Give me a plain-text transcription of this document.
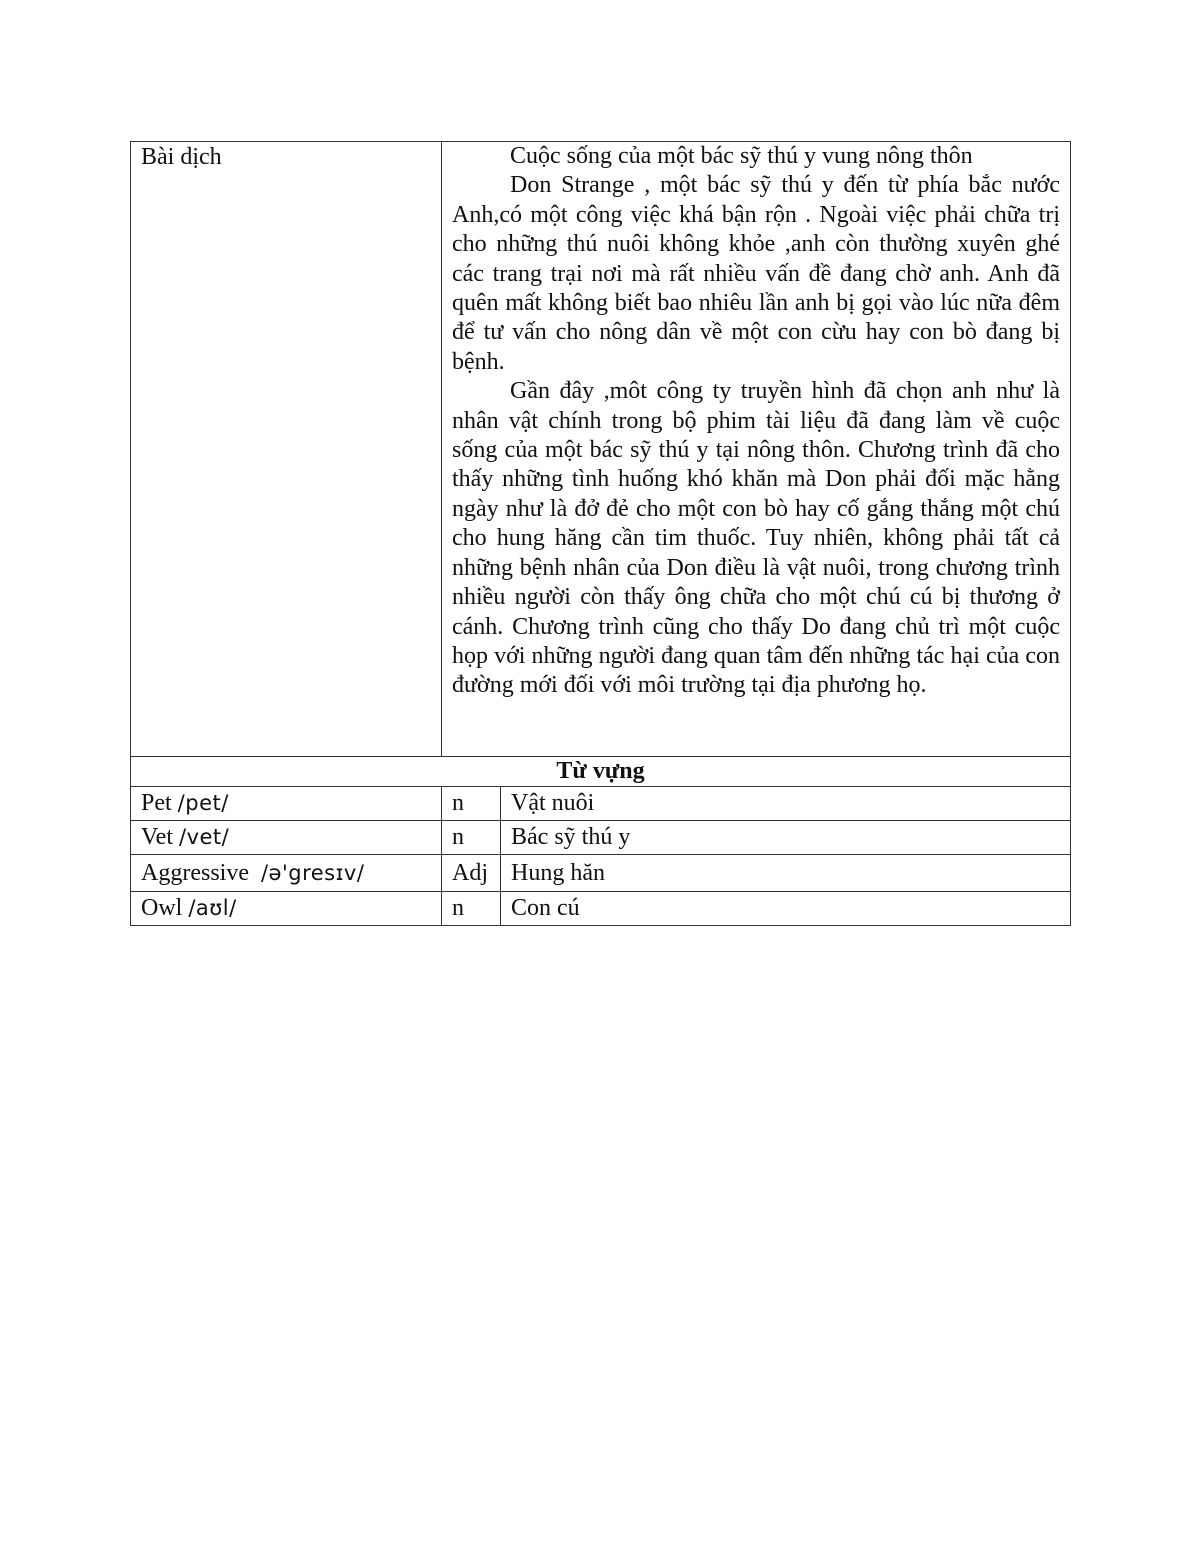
Bài dịch	Cuộc sống của một bác sỹ thú y vung nông thôn

Don Strange , một bác sỹ thú y đến từ phía bắc nước Anh,có một công việc khá bận rộn . Ngoài việc phải chữa trị cho những thú nuôi không khỏe ,anh còn thường xuyên ghé các trang trại nơi mà rất nhiều vấn đề đang chờ anh. Anh đã quên mất không biết bao nhiêu lần anh bị gọi vào lúc nữa đêm để tư vấn cho nông dân về một con cừu hay con bò đang bị bệnh.

Gần đây ,môt công ty truyền hình đã chọn anh như là nhân vật chính trong bộ phim tài liệu đã đang làm về cuộc sống của một bác sỹ thú y tại nông thôn. Chương trình đã cho thấy những tình huống khó khăn mà Don phải đối mặc hằng ngày như là đở đẻ cho một con bò hay cố gắng thắng một chú cho hung hăng cần tim thuốc. Tuy nhiên, không phải tất cả những bệnh nhân của Don điều là vật nuôi, trong chương trình nhiều người còn thấy ông chữa cho một chú cú bị thương ở cánh. Chương trình cũng cho thấy Do đang chủ trì một cuộc họp với những người đang quan tâm đến những tác hại của con đường mới đối với môi trường tại địa phương họ.	

Từ vựng		
Pet /pet/	n	Vật nuôi
Vet /vet/	n	Bác sỹ thú y
Aggressive /ə'gresɪv/	Adj	Hung hăn
Owl /aʊl/	n	Con cú
